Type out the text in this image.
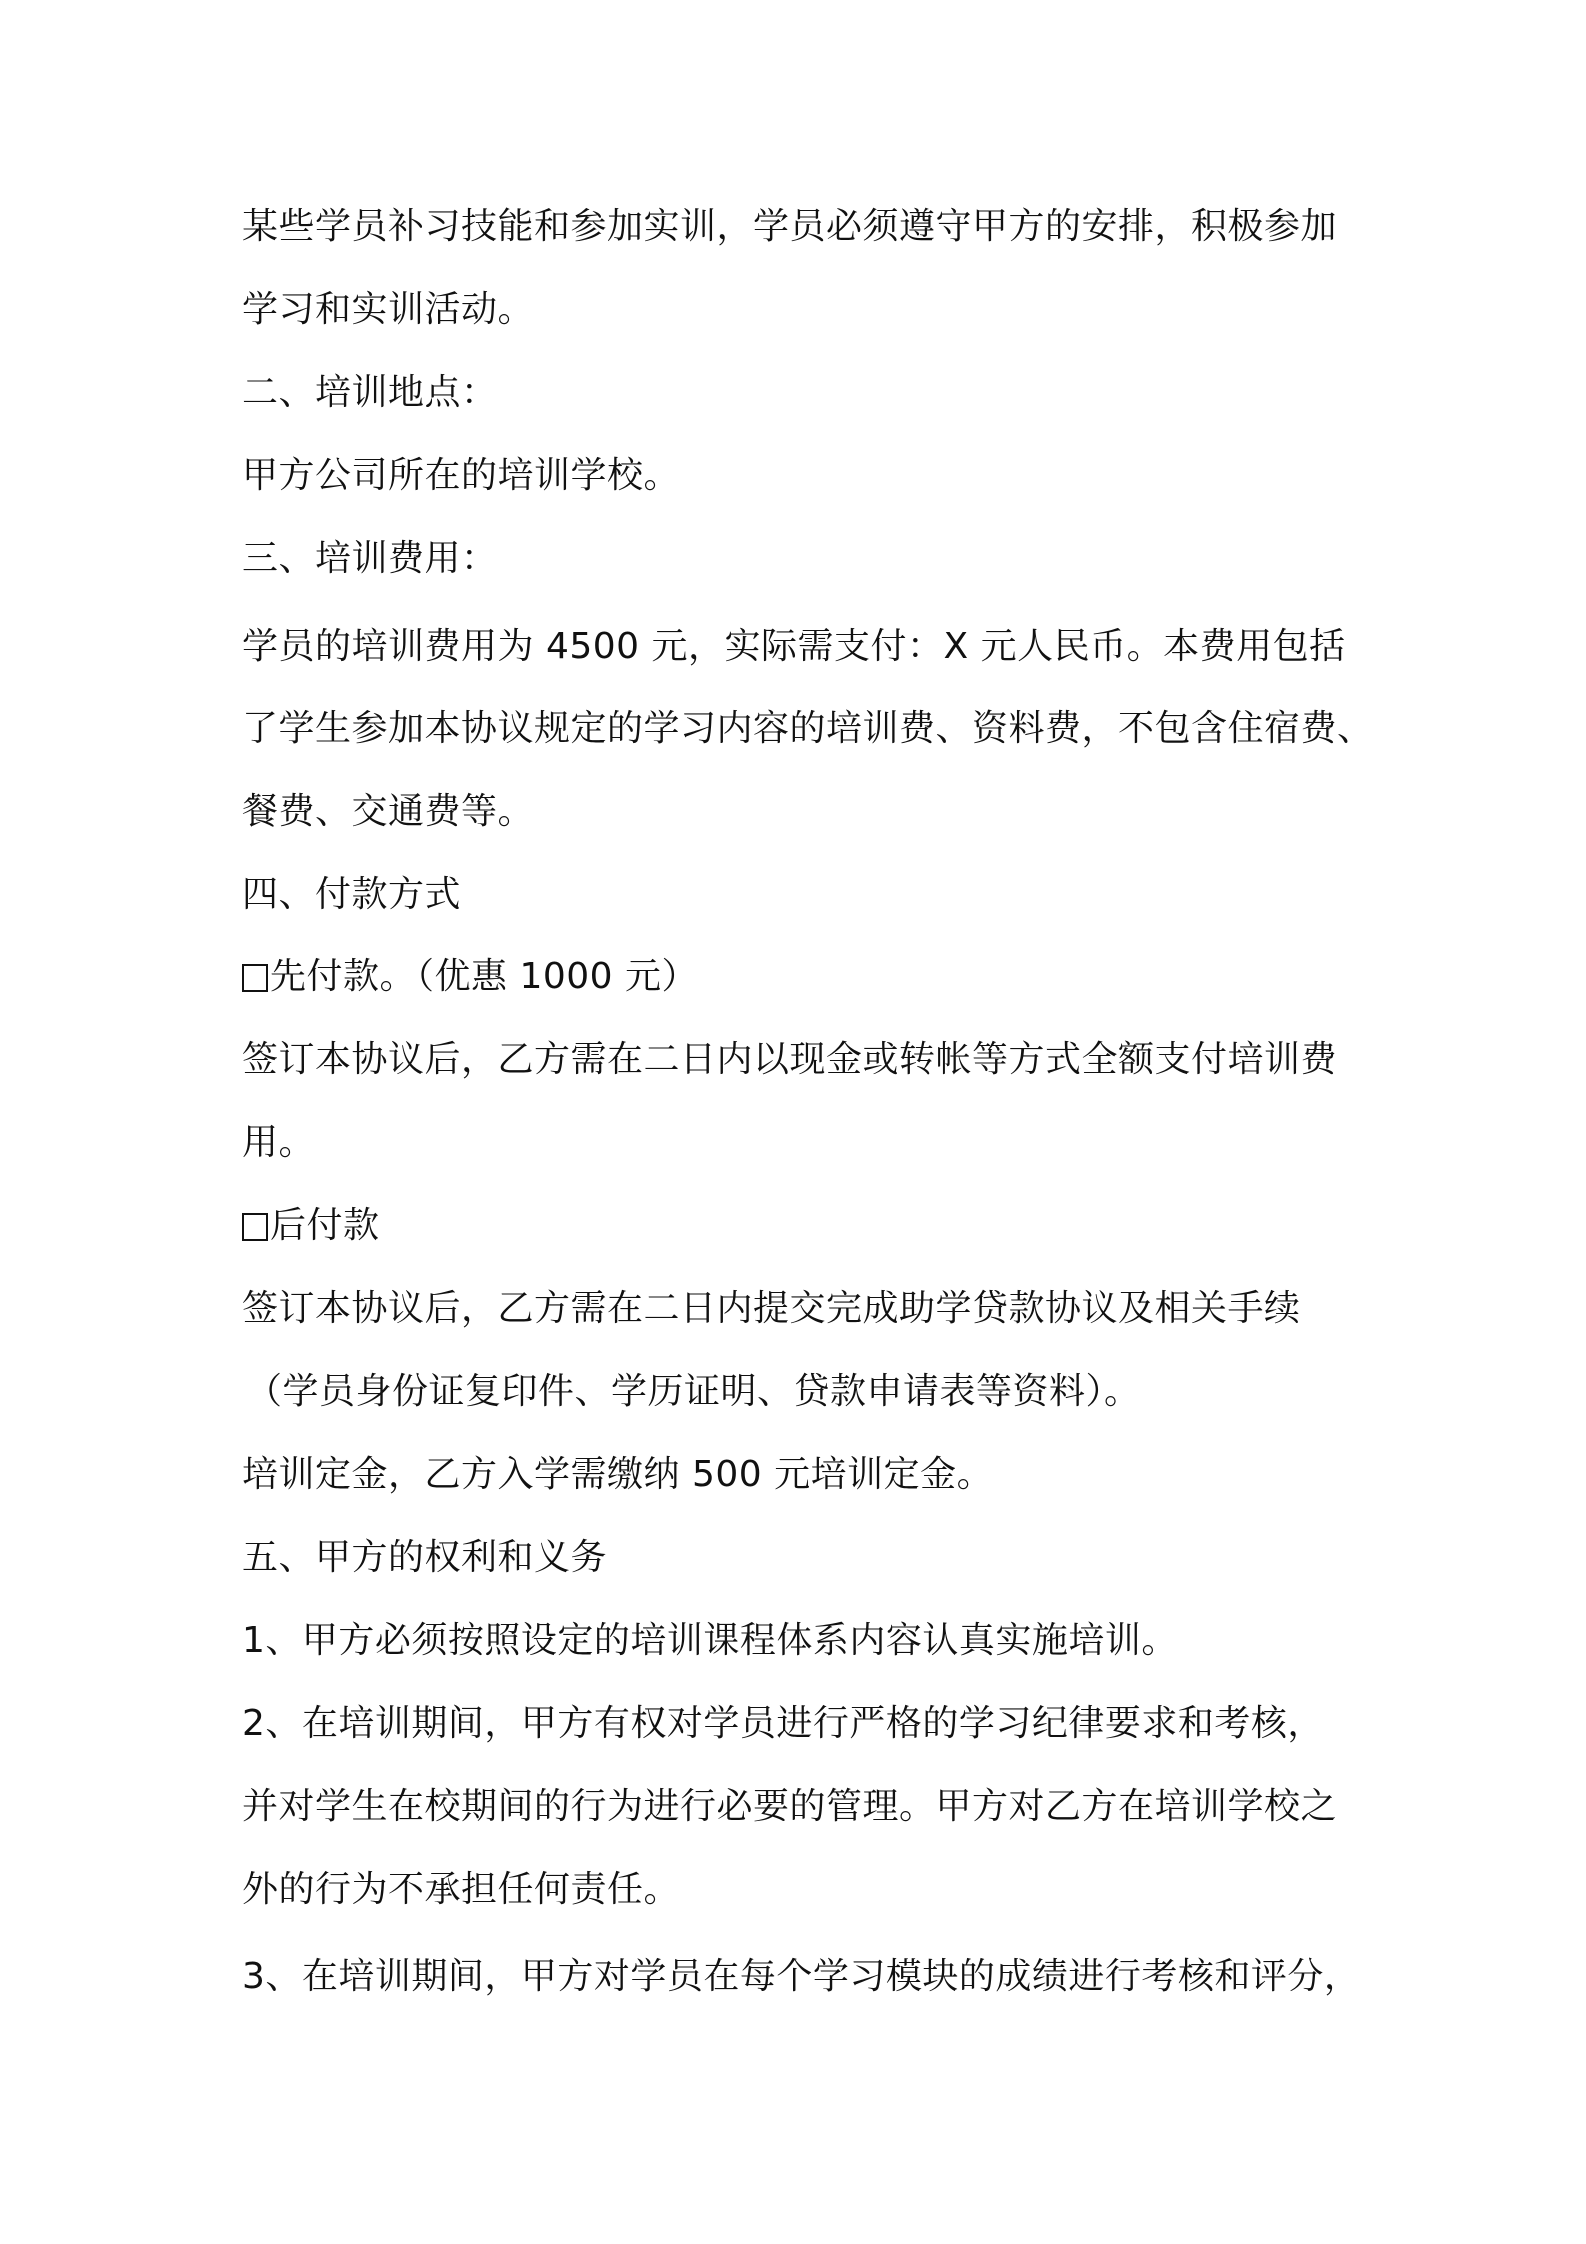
某些学员补习技能和参加实训，学员必须遵守甲方的安排，积极参加
学习和实训活动。
二、培训地点：
甲方公司所在的培训学校。
三、培训费用：
学员的培训费用为 4500 元，实际需支付：X 元人民币。本费用包括
了学生参加本协议规定的学习内容的培训费、资料费，不包含住宿费、
餐费、交通费等。
四、付款方式
先付款。（优惠 1000 元）
签订本协议后，乙方需在二日内以现金或转帐等方式全额支付培训费
用。
后付款
签订本协议后，乙方需在二日内提交完成助学贷款协议及相关手续
（学员身份证复印件、学历证明、贷款申请表等资料）。
培训定金，乙方入学需缴纳 500 元培训定金。
五、甲方的权利和义务
1、甲方必须按照设定的培训课程体系内容认真实施培训。
2、在培训期间，甲方有权对学员进行严格的学习纪律要求和考核，
并对学生在校期间的行为进行必要的管理。甲方对乙方在培训学校之
外的行为不承担任何责任。
3、在培训期间，甲方对学员在每个学习模块的成绩进行考核和评分，
